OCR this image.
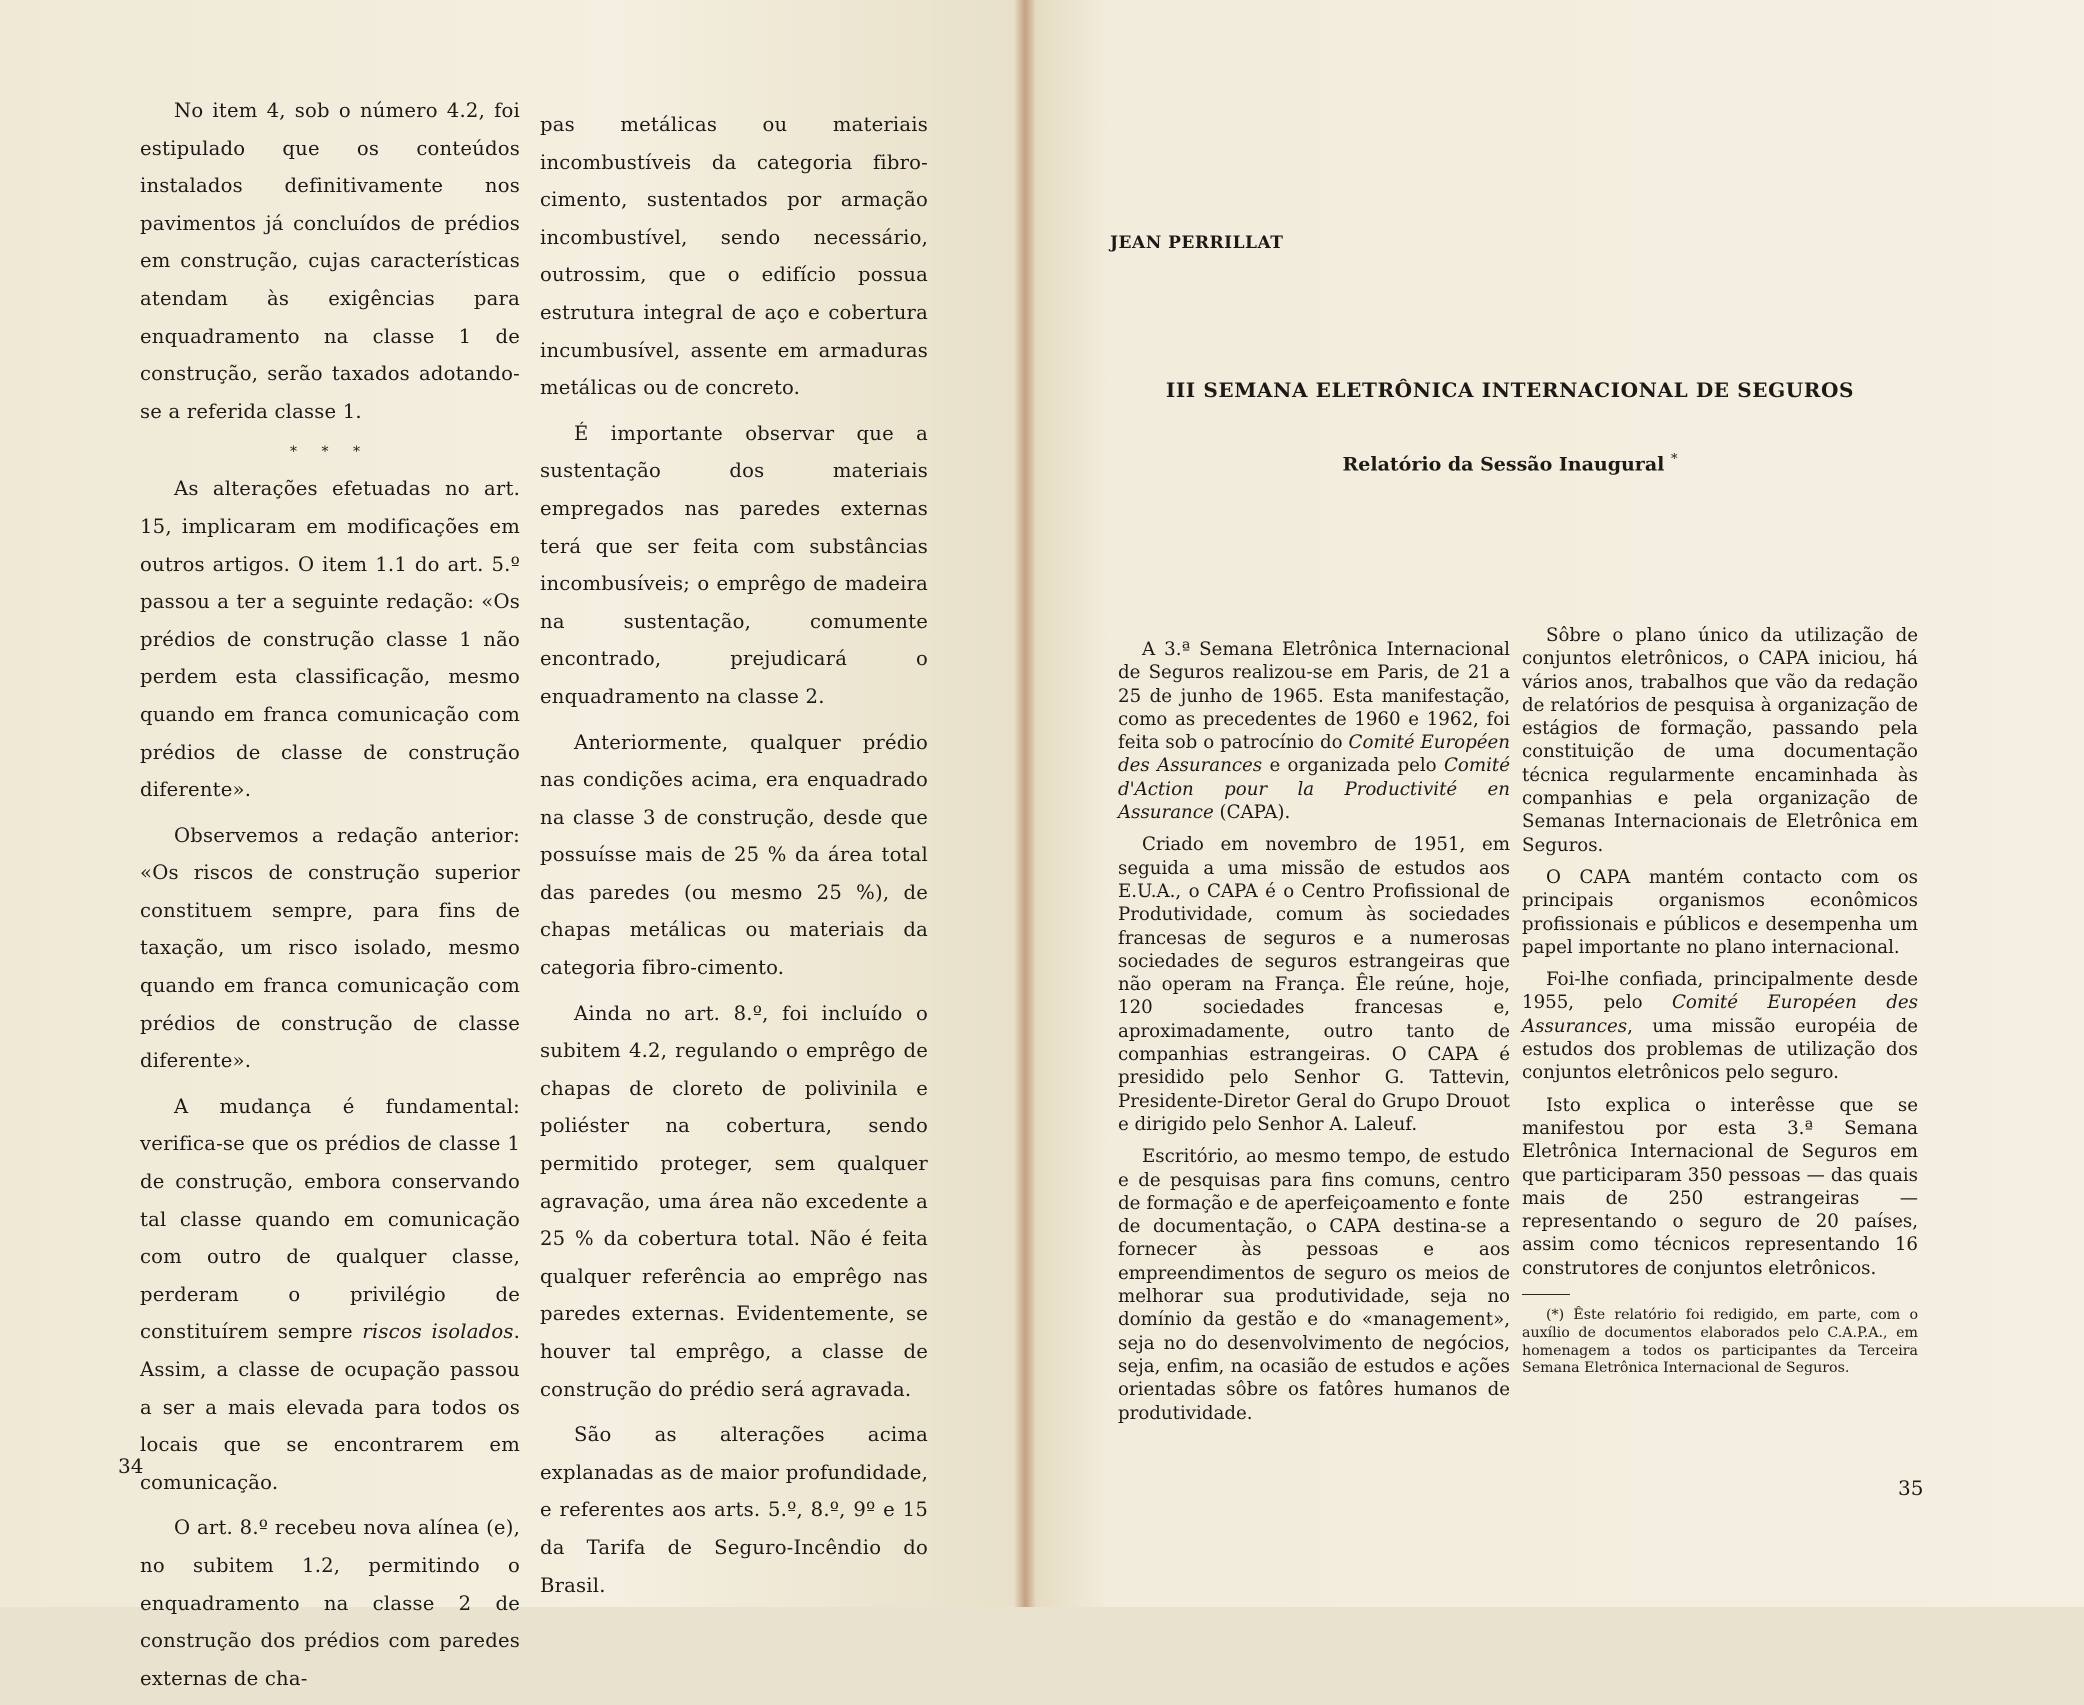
No item 4, sob o número 4.2, foi estipulado que os conteúdos instalados definitivamente nos pavimentos já concluídos de prédios em construção, cujas características atendam às exigências para enquadramento na classe 1 de construção, serão taxados adotando-se a referida classe 1.

* * *

As alterações efetuadas no art. 15, implicaram em modificações em outros artigos. O item 1.1 do art. 5.º passou a ter a seguinte redação: «Os prédios de construção classe 1 não perdem esta classificação, mesmo quando em franca comunicação com prédios de classe de construção diferente».

Observemos a redação anterior: «Os riscos de construção superior constituem sempre, para fins de taxação, um risco isolado, mesmo quando em franca comunicação com prédios de construção de classe diferente».

A mudança é fundamental: verifica-se que os prédios de classe 1 de construção, embora conservando tal classe quando em comunicação com outro de qualquer classe, perderam o privilégio de constituírem sempre riscos isolados. Assim, a classe de ocupação passou a ser a mais elevada para todos os locais que se encontrarem em comunicação.

O art. 8.º recebeu nova alínea (e), no subitem 1.2, permitindo o enquadramento na classe 2 de construção dos prédios com paredes externas de cha-

pas metálicas ou materiais incombustíveis da categoria fibro-cimento, sustentados por armação incombustível, sendo necessário, outrossim, que o edifício possua estrutura integral de aço e cobertura incumbusível, assente em armaduras metálicas ou de concreto.

É importante observar que a sustentação dos materiais empregados nas paredes externas terá que ser feita com substâncias incombusíveis; o emprêgo de madeira na sustentação, comumente encontrado, prejudicará o enquadramento na classe 2.

Anteriormente, qualquer prédio nas condições acima, era enquadrado na classe 3 de construção, desde que possuísse mais de 25 % da área total das paredes (ou mesmo 25 %), de chapas metálicas ou materiais da categoria fibro-cimento.

Ainda no art. 8.º, foi incluído o subitem 4.2, regulando o emprêgo de chapas de cloreto de polivinila e poliéster na cobertura, sendo permitido proteger, sem qualquer agravação, uma área não excedente a 25 % da cobertura total. Não é feita qualquer referência ao emprêgo nas paredes externas. Evidentemente, se houver tal emprêgo, a classe de construção do prédio será agravada.

São as alterações acima explanadas as de maior profundidade, e referentes aos arts. 5.º, 8.º, 9º e 15 da Tarifa de Seguro-Incêndio do Brasil.

34
JEAN PERRILLAT
III SEMANA ELETRÔNICA INTERNACIONAL DE SEGUROS
Relatório da Sessão Inaugural *

A 3.ª Semana Eletrônica Internacional de Seguros realizou-se em Paris, de 21 a 25 de junho de 1965. Esta manifestação, como as precedentes de 1960 e 1962, foi feita sob o patrocínio do Comité Européen des Assurances e organizada pelo Comité d'Action pour la Productivité en Assurance (CAPA).

Criado em novembro de 1951, em seguida a uma missão de estudos aos E.U.A., o CAPA é o Centro Profissional de Produtividade, comum às sociedades francesas de seguros e a numerosas sociedades de seguros estrangeiras que não operam na França. Êle reúne, hoje, 120 sociedades francesas e, aproximadamente, outro tanto de companhias estrangeiras. O CAPA é presidido pelo Senhor G. Tattevin, Presidente-Diretor Geral do Grupo Drouot e dirigido pelo Senhor A. Laleuf.

Escritório, ao mesmo tempo, de estudo e de pesquisas para fins comuns, centro de formação e de aperfeiçoamento e fonte de documentação, o CAPA destina-se a fornecer às pessoas e aos empreendimentos de seguro os meios de melhorar sua produtividade, seja no domínio da gestão e do «management», seja no do desenvolvimento de negócios, seja, enfim, na ocasião de estudos e ações orientadas sôbre os fatôres humanos de produtividade.

Sôbre o plano único da utilização de conjuntos eletrônicos, o CAPA iniciou, há vários anos, trabalhos que vão da redação de relatórios de pesquisa à organização de estágios de formação, passando pela constituição de uma documentação técnica regularmente encaminhada às companhias e pela organização de Semanas Internacionais de Eletrônica em Seguros.

O CAPA mantém contacto com os principais organismos econômicos profissionais e públicos e desempenha um papel importante no plano internacional.

Foi-lhe confiada, principalmente desde 1955, pelo Comité Européen des Assurances, uma missão européia de estudos dos problemas de utilização dos conjuntos eletrônicos pelo seguro.

Isto explica o interêsse que se manifestou por esta 3.ª Semana Eletrônica Internacional de Seguros em que participaram 350 pessoas — das quais mais de 250 estrangeiras — representando o seguro de 20 países, assim como técnicos representando 16 construtores de conjuntos eletrônicos.

(*) Êste relatório foi redigido, em parte, com o auxílio de documentos elaborados pelo C.A.P.A., em homenagem a todos os participantes da Terceira Semana Eletrônica Internacional de Seguros.

35
